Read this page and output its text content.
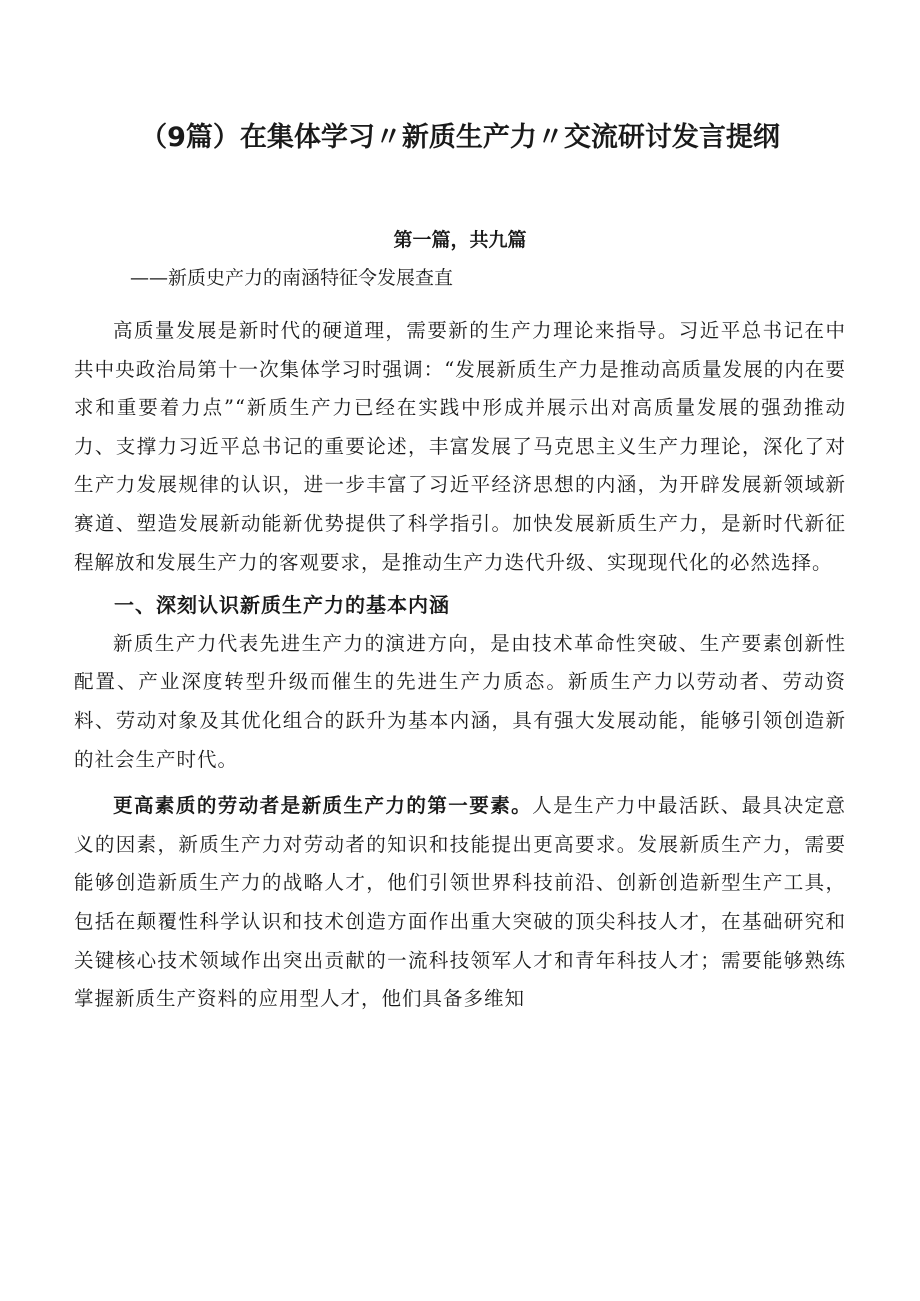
（9篇）在集体学习〃新质生产力〃交流研讨发言提纲
第一篇，共九篇
——新质史产力的南涵特征令发展查直

高质量发展是新时代的硬道理，需要新的生产力理论来指导。习近平总书记在中共中央政治局第十一次集体学习时强调：“发展新质生产力是推动高质量发展的内在要求和重要着力点”“新质生产力已经在实践中形成并展示出对高质量发展的强劲推动力、支撑力习近平总书记的重要论述，丰富发展了马克思主义生产力理论，深化了对生产力发展规律的认识，进一步丰富了习近平经济思想的内涵，为开辟发展新领域新赛道、塑造发展新动能新优势提供了科学指引。加快发展新质生产力，是新时代新征程解放和发展生产力的客观要求，是推动生产力迭代升级、实现现代化的必然选择。

一、深刻认识新质生产力的基本内涵

新质生产力代表先进生产力的演进方向，是由技术革命性突破、生产要素创新性配置、产业深度转型升级而催生的先进生产力质态。新质生产力以劳动者、劳动资料、劳动对象及其优化组合的跃升为基本内涵，具有强大发展动能，能够引领创造新的社会生产时代。

更高素质的劳动者是新质生产力的第一要素。人是生产力中最活跃、最具决定意义的因素，新质生产力对劳动者的知识和技能提出更高要求。发展新质生产力，需要能够创造新质生产力的战略人才，他们引领世界科技前沿、创新创造新型生产工具，包括在颠覆性科学认识和技术创造方面作出重大突破的顶尖科技人才，在基础研究和关键核心技术领域作出突出贡献的一流科技领军人才和青年科技人才；需要能够熟练掌握新质生产资料的应用型人才，他们具备多维知
